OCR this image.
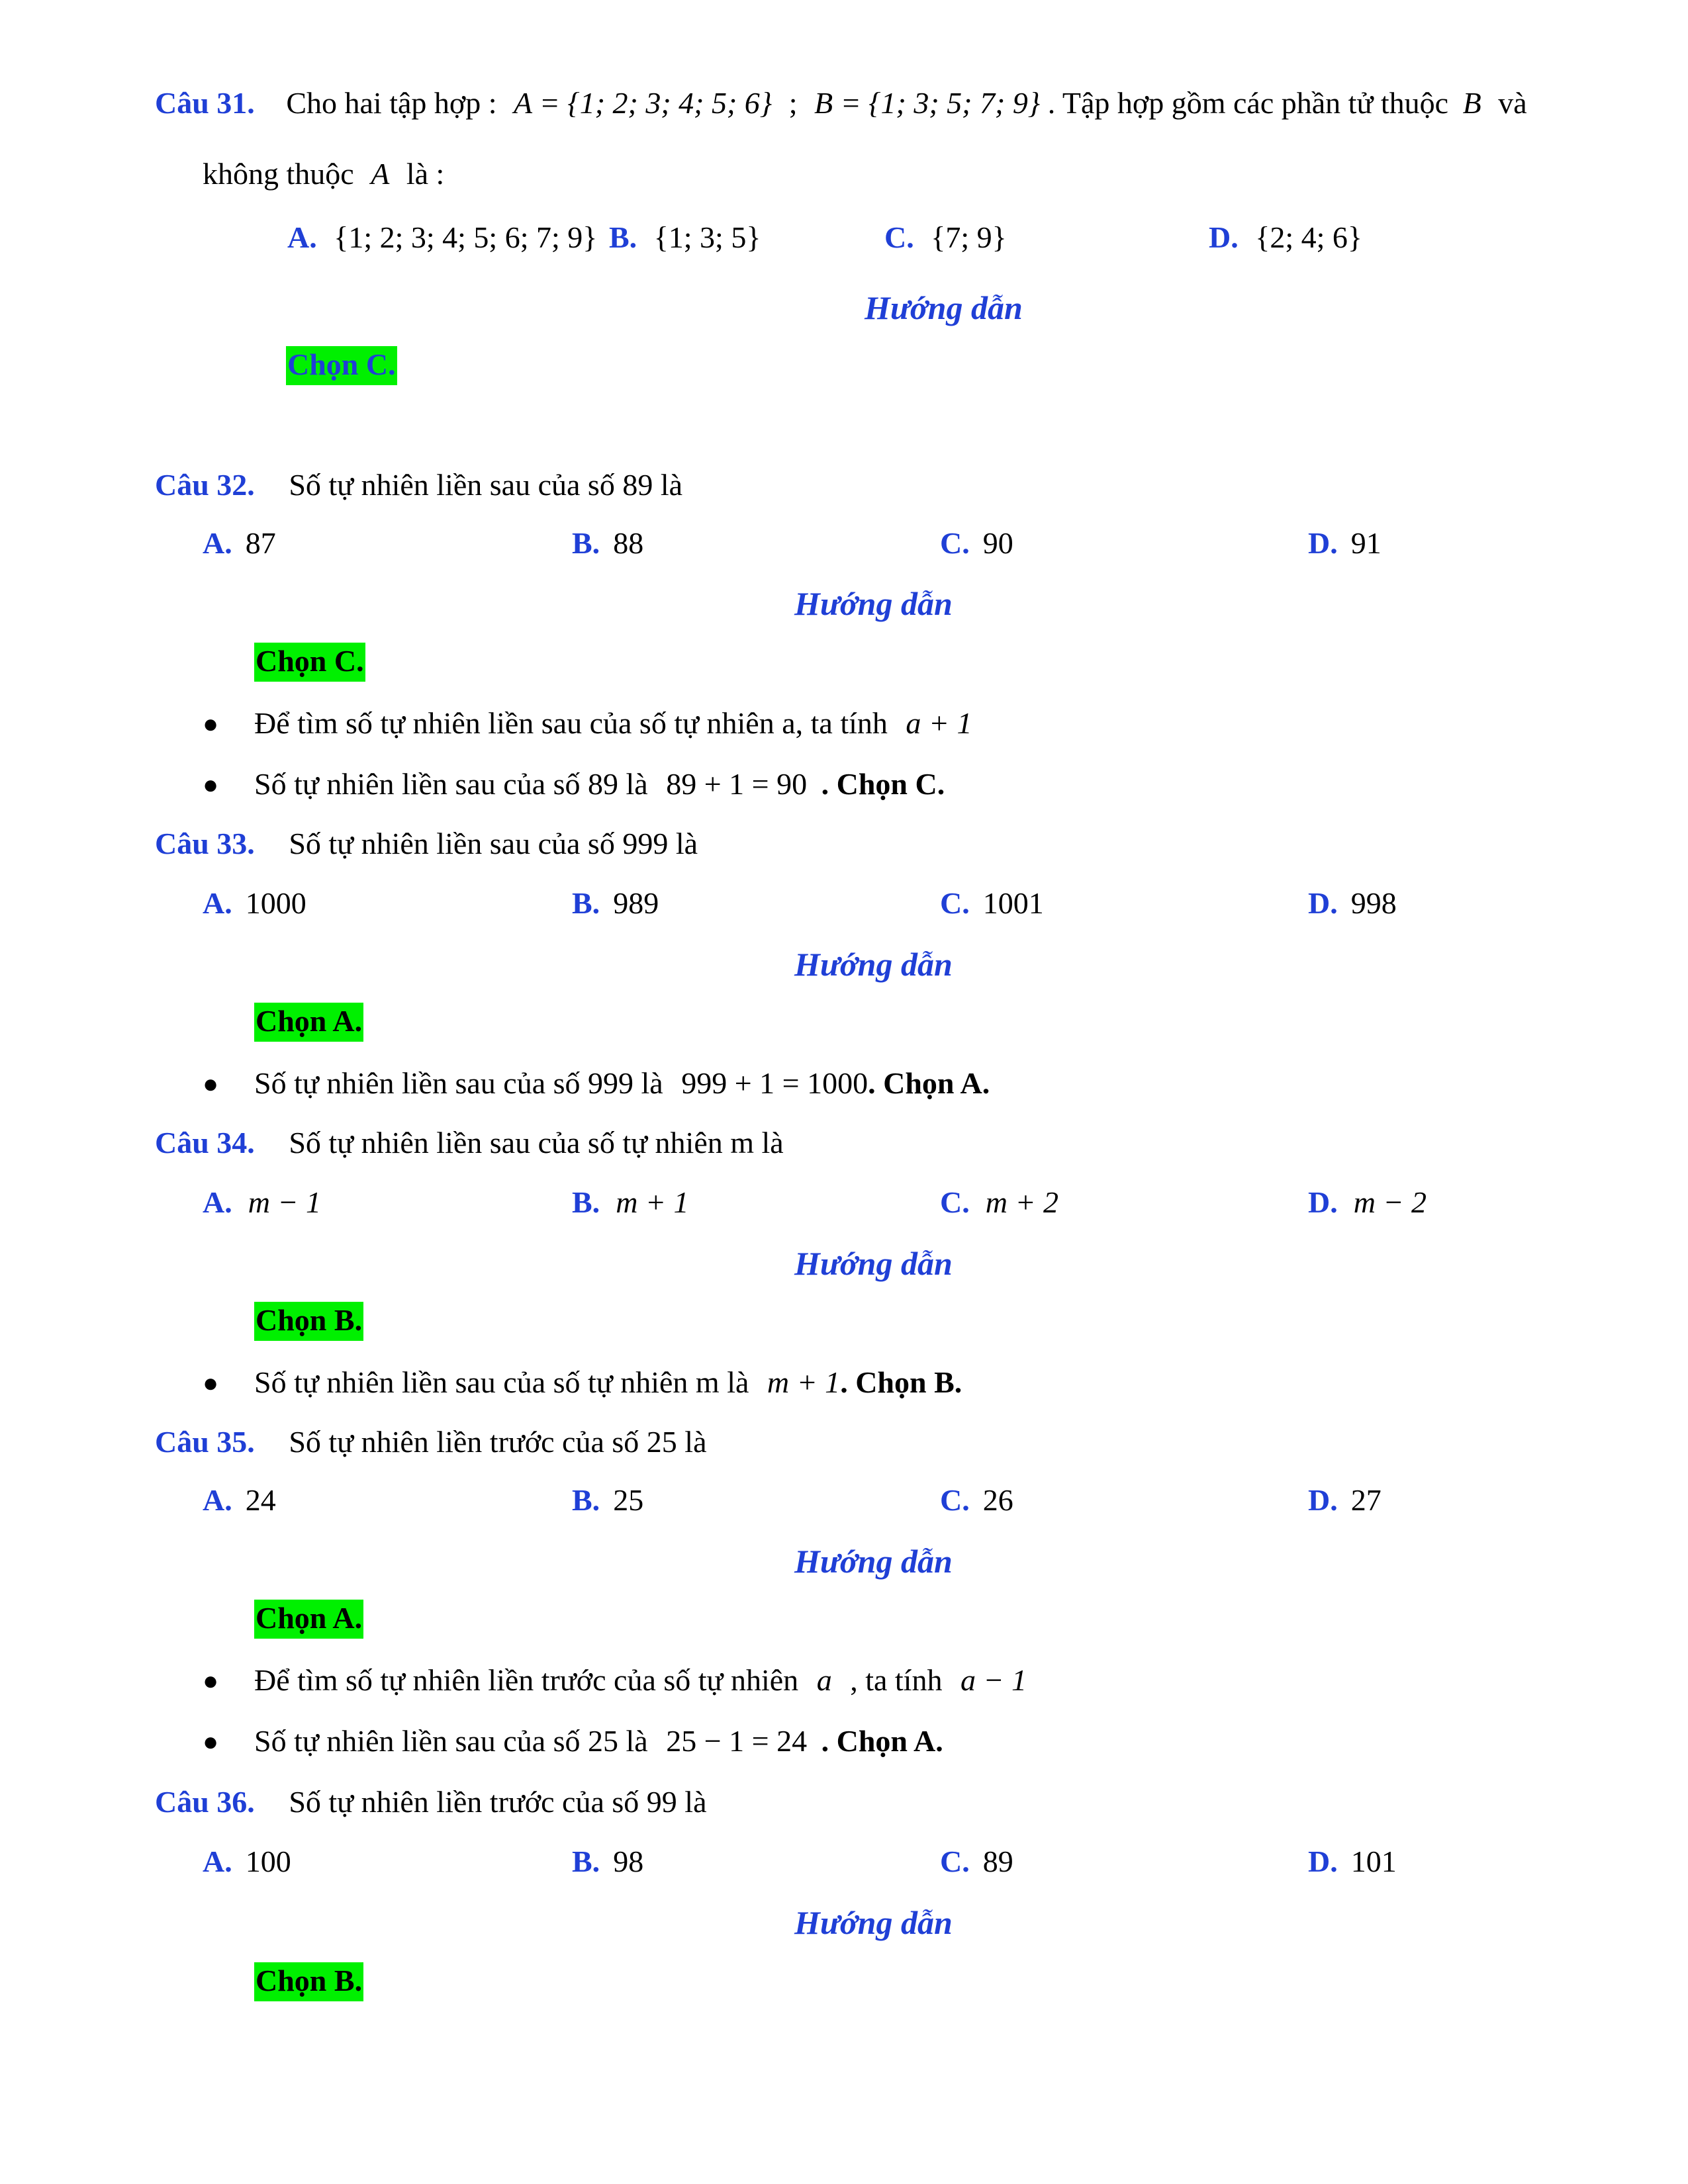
Câu 31. Cho hai tập hợp : A = {1; 2; 3; 4; 5; 6} ; B = {1; 3; 5; 7; 9} . Tập hợp gồm các phần tử thuộc B và
không thuộc A là :
A. {1; 2; 3; 4; 5; 6; 7; 9} B. {1; 3; 5}	C. {7; 9}	D. {2; 4; 6}
Hướng dẫn
Chọn C.
Câu 32. Số tự nhiên liền sau của số 89 là
A. 87	B. 88	C. 90	D. 91
Hướng dẫn
Chọn C.
● Để tìm số tự nhiên liền sau của số tự nhiên a, ta tính a + 1
● Số tự nhiên liền sau của số 89 là 89 + 1 = 90 . Chọn C.
Câu 33. Số tự nhiên liền sau của số 999 là
A. 1000	B. 989	C. 1001	D. 998
Hướng dẫn
Chọn A.
● Số tự nhiên liền sau của số 999 là 999 + 1 = 1000. Chọn A.
Câu 34. Số tự nhiên liền sau của số tự nhiên m là
A. m − 1	B. m + 1	C. m + 2	D. m − 2
Hướng dẫn
Chọn B.
● Số tự nhiên liền sau của số tự nhiên m là m + 1. Chọn B.
Câu 35. Số tự nhiên liền trước của số 25 là
A. 24	B. 25	C. 26	D. 27
Hướng dẫn
Chọn A.
● Để tìm số tự nhiên liền trước của số tự nhiên a , ta tính a − 1
● Số tự nhiên liền sau của số 25 là 25 − 1 = 24 . Chọn A.
Câu 36. Số tự nhiên liền trước của số 99 là
A. 100	B. 98	C. 89	D. 101
Hướng dẫn
Chọn B.
